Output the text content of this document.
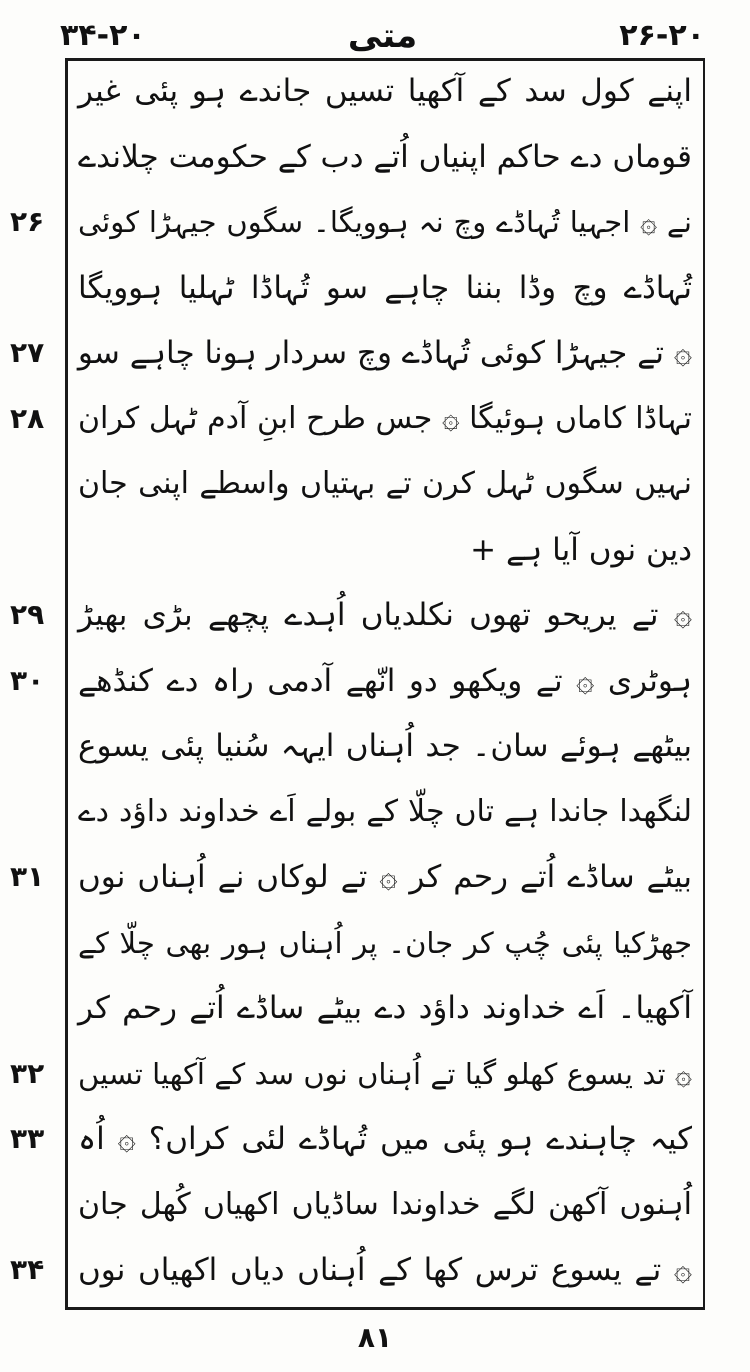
۳۴-۲۰	متی	۲۶-۲۰
اپنے کول سد کے آکھیا تسیں جاندے ہو پئی غیر
قوماں دے حاکم اپنیاں اُتے دب کے حکومت چلاندے
نے ۞ اجہیا تُہاڈے وچ نہ ہوویگا۔ سگوں جیہڑا کوئی
تُہاڈے وچ وڈا بننا چاہے سو تُہاڈا ٹہلیا ہوویگا
۞ تے جیہڑا کوئی تُہاڈے وچ سردار ہونا چاہے سو
تہاڈا کاماں ہوئیگا ۞ جس طرح ابنِ آدم ٹہل کران
نہیں سگوں ٹہل کرن تے بہتیاں واسطے اپنی جان
دین نوں آیا ہے +
۞ تے یریحو تھوں نکلدیاں اُہدے پچھے بڑی بھیڑ
ہوٹری ۞ تے ویکھو دو انّھے آدمی راہ دے کنڈھے
بیٹھے ہوئے سان۔ جد اُہناں ایہہ سُنیا پئی یسوع
لنگھدا جاندا ہے تاں چلّا کے بولے اَے خداوند داؤد دے
بیٹے ساڈے اُتے رحم کر ۞ تے لوکاں نے اُہناں نوں
جھڑکیا پئی چُپ کر جان۔ پر اُہناں ہور بھی چلّا کے
آکھیا۔ اَے خداوند داؤد دے بیٹے ساڈے اُتے رحم کر
۞ تد یسوع کھلو گیا تے اُہناں نوں سد کے آکھیا تسیں
کیہ چاہندے ہو پئی میں تُہاڈے لئی کراں؟ ۞ اُہ
اُہنوں آکھن لگے خداوندا ساڈیاں اکھیاں کُھل جان
۞ تے یسوع ترس کھا کے اُہناں دیاں اکھیاں نوں
۸۱
۲۶
۲۷
۲۸
۲۹
۳۰
۳۱
۳۲
۳۳
۳۴
